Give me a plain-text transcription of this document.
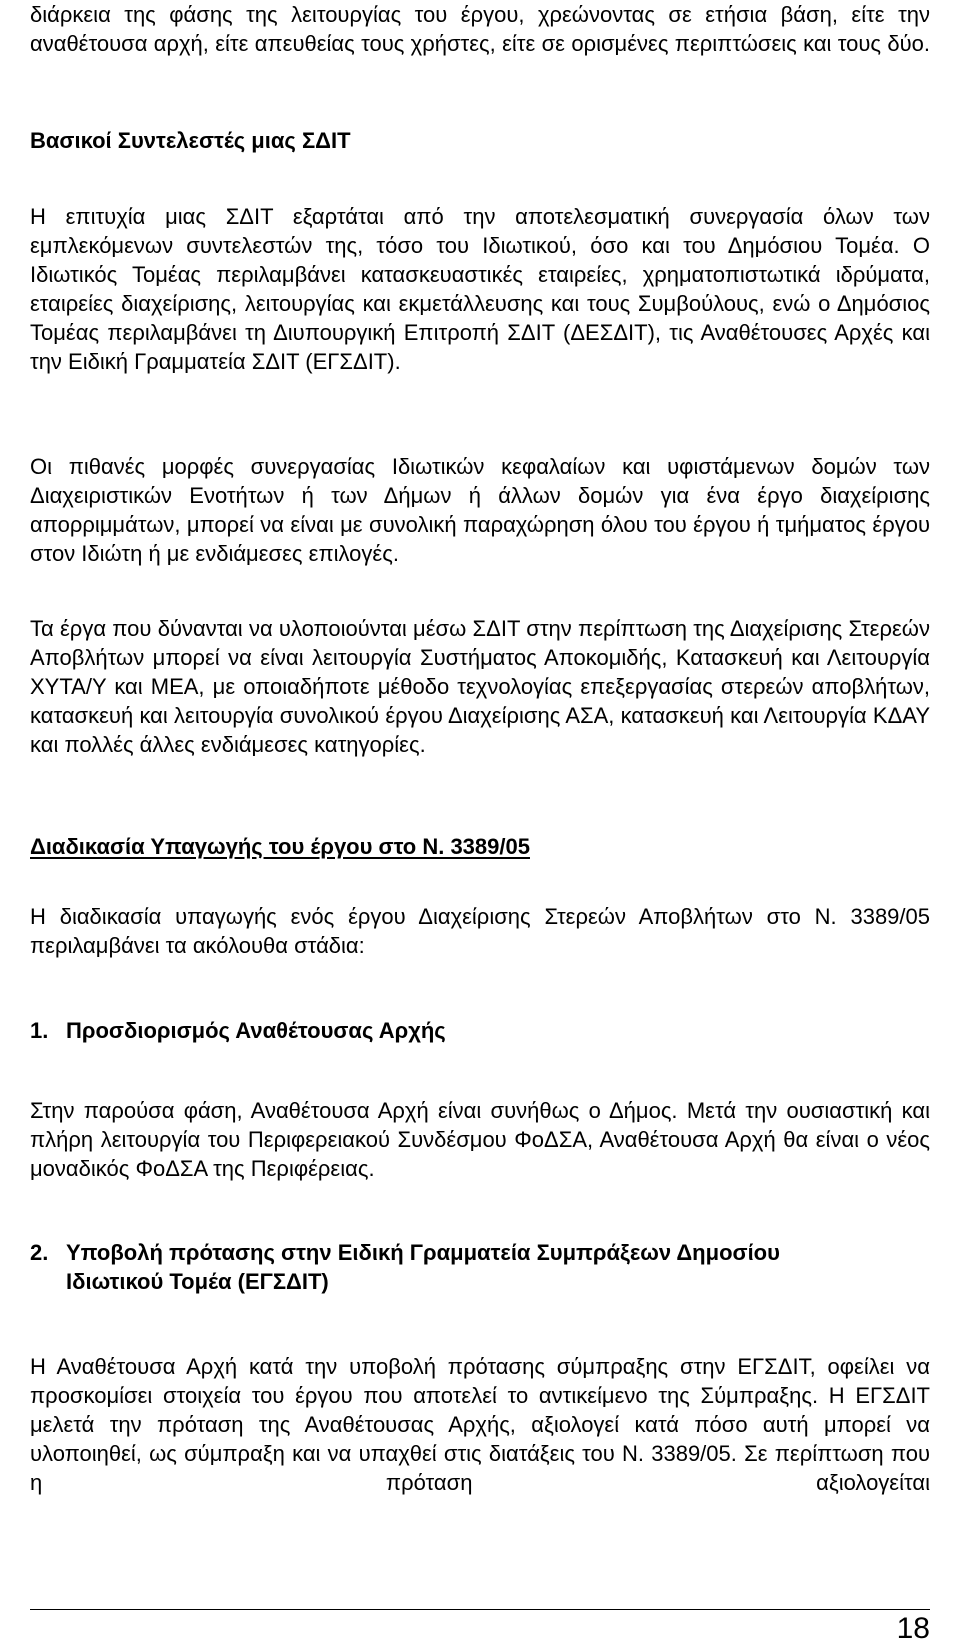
διάρκεια της φάσης της λειτουργίας του έργου, χρεώνοντας σε ετήσια βάση, είτε την αναθέτουσα αρχή, είτε απευθείας τους χρήστες, είτε σε ορισμένες περιπτώσεις και τους δύο.

Βασικοί Συντελεστές μιας ΣΔΙΤ

Η επιτυχία μιας ΣΔΙΤ εξαρτάται από την αποτελεσματική συνεργασία όλων των εμπλεκόμενων συντελεστών της, τόσο του Ιδιωτικού, όσο και του Δημόσιου Τομέα. Ο Ιδιωτικός Τομέας περιλαμβάνει κατασκευαστικές εταιρείες, χρηματοπιστωτικά ιδρύματα, εταιρείες διαχείρισης, λειτουργίας και εκμετάλλευσης και τους Συμβούλους, ενώ ο Δημόσιος Τομέας περιλαμβάνει τη Διυπουργική Επιτροπή ΣΔΙΤ (ΔΕΣΔΙΤ), τις Αναθέτουσες Αρχές και την Ειδική Γραμματεία ΣΔΙΤ (ΕΓΣΔΙΤ).

Οι πιθανές μορφές συνεργασίας Ιδιωτικών κεφαλαίων και υφιστάμενων δομών των Διαχειριστικών Ενοτήτων ή των Δήμων ή άλλων δομών για ένα έργο διαχείρισης απορριμμάτων, μπορεί να είναι με συνολική παραχώρηση όλου του έργου ή τμήματος έργου στον Ιδιώτη ή με ενδιάμεσες επιλογές.

Τα έργα που δύνανται να υλοποιούνται μέσω ΣΔΙΤ στην περίπτωση της Διαχείρισης Στερεών Αποβλήτων μπορεί να είναι λειτουργία Συστήματος Αποκομιδής, Κατασκευή και Λειτουργία ΧΥΤΑ/Υ και ΜΕΑ, με οποιαδήποτε μέθοδο τεχνολογίας επεξεργασίας στερεών αποβλήτων, κατασκευή και λειτουργία συνολικού έργου Διαχείρισης ΑΣΑ, κατασκευή και Λειτουργία ΚΔΑΥ και πολλές άλλες ενδιάμεσες κατηγορίες.

Διαδικασία Υπαγωγής του έργου στο Ν. 3389/05

Η διαδικασία υπαγωγής ενός έργου Διαχείρισης Στερεών Αποβλήτων στο Ν. 3389/05 περιλαμβάνει τα ακόλουθα στάδια:

1. Προσδιορισμός Αναθέτουσας Αρχής

Στην παρούσα φάση, Αναθέτουσα Αρχή είναι συνήθως ο Δήμος. Μετά την ουσιαστική και πλήρη λειτουργία του Περιφερειακού Συνδέσμου ΦοΔΣΑ, Αναθέτουσα Αρχή θα είναι ο νέος μοναδικός ΦοΔΣΑ της Περιφέρειας.

2. Υποβολή πρότασης στην Ειδική Γραμματεία Συμπράξεων Δημοσίου
Ιδιωτικού Τομέα (ΕΓΣΔΙΤ)

Η Αναθέτουσα Αρχή κατά την υποβολή πρότασης σύμπραξης στην ΕΓΣΔΙΤ, οφείλει να προσκομίσει στοιχεία του έργου που αποτελεί το αντικείμενο της Σύμπραξης. Η ΕΓΣΔΙΤ μελετά την πρόταση της Αναθέτουσας Αρχής, αξιολογεί κατά πόσο αυτή μπορεί να υλοποιηθεί, ως σύμπραξη και να υπαχθεί στις διατάξεις του Ν. 3389/05. Σε περίπτωση που η πρόταση αξιολογείται

18
